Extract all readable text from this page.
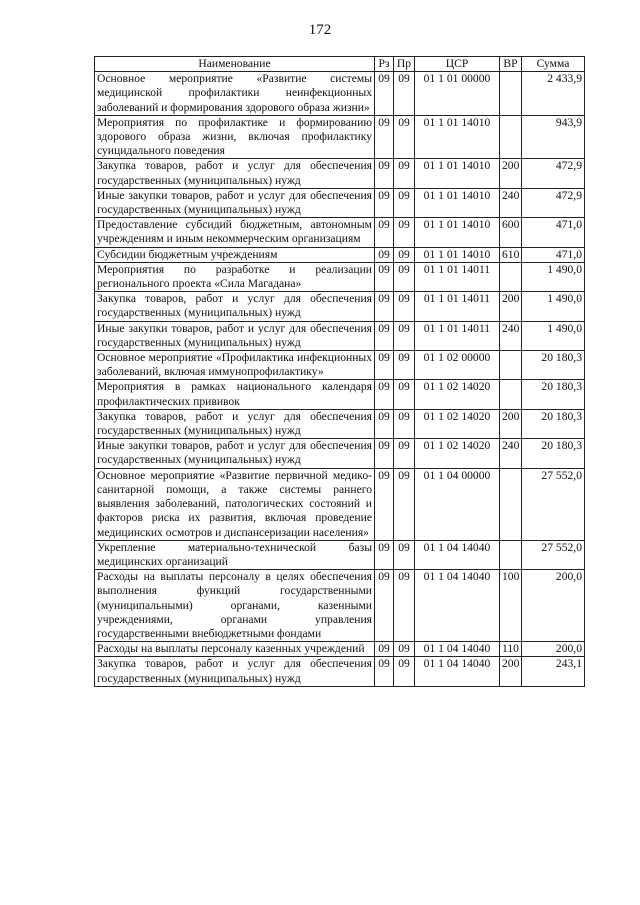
172
Наименование	Рз	Пр	ЦСР	ВР	Сумма
Основное мероприятие «Развитие системы медицинской профилактики неинфекционных заболеваний и формирования здорового образа жизни»	09	09	01 1 01 00000		2 433,9
Мероприятия по профилактике и формированию здорового образа жизни, включая профилактику суицидального поведения	09	09	01 1 01 14010		943,9
Закупка товаров, работ и услуг для обеспечения государственных (муниципальных) нужд	09	09	01 1 01 14010	200	472,9
Иные закупки товаров, работ и услуг для обеспечения государственных (муниципальных) нужд	09	09	01 1 01 14010	240	472,9
Предоставление субсидий бюджетным, автономным учреждениям и иным некоммерческим организациям	09	09	01 1 01 14010	600	471,0
Субсидии бюджетным учреждениям	09	09	01 1 01 14010	610	471,0
Мероприятия по разработке и реализации регионального проекта «Сила Магадана»	09	09	01 1 01 14011		1 490,0
Закупка товаров, работ и услуг для обеспечения государственных (муниципальных) нужд	09	09	01 1 01 14011	200	1 490,0
Иные закупки товаров, работ и услуг для обеспечения государственных (муниципальных) нужд	09	09	01 1 01 14011	240	1 490,0
Основное мероприятие «Профилактика инфекционных заболеваний, включая иммунопрофилактику»	09	09	01 1 02 00000		20 180,3
Мероприятия в рамках национального календаря профилактических прививок	09	09	01 1 02 14020		20 180,3
Закупка товаров, работ и услуг для обеспечения государственных (муниципальных) нужд	09	09	01 1 02 14020	200	20 180,3
Иные закупки товаров, работ и услуг для обеспечения государственных (муниципальных) нужд	09	09	01 1 02 14020	240	20 180,3
Основное мероприятие «Развитие первичной медико-санитарной помощи, а также системы раннего выявления заболеваний, патологических состояний и факторов риска их развития, включая проведение медицинских осмотров и диспансеризации населения»	09	09	01 1 04 00000		27 552,0
Укрепление материально-технической базы медицинских организаций	09	09	01 1 04 14040		27 552,0
Расходы на выплаты персоналу в целях обеспечения выполнения функций государственными (муниципальными) органами, казенными учреждениями, органами управления государственными внебюджетными фондами	09	09	01 1 04 14040	100	200,0
Расходы на выплаты персоналу казенных учреждений	09	09	01 1 04 14040	110	200,0
Закупка товаров, работ и услуг для обеспечения государственных (муниципальных) нужд	09	09	01 1 04 14040	200	243,1
